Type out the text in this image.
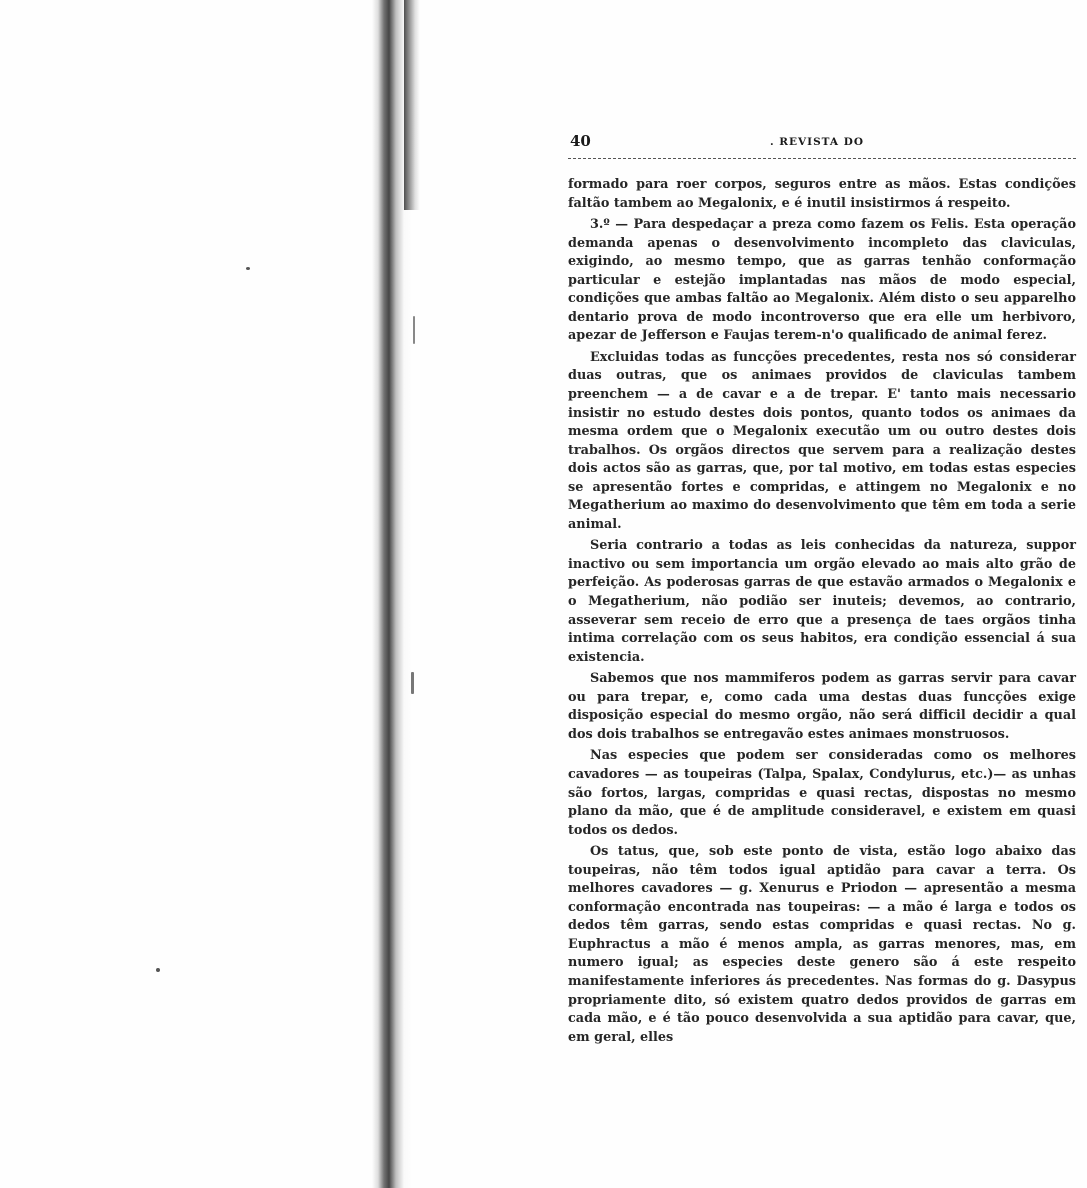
40	. REVISTA DO

formado para roer corpos, seguros entre as mãos. Estas condições faltão tambem ao Megalonix, e é inutil insistirmos á respeito.

3.º — Para despedaçar a preza como fazem os Felis. Esta operação demanda apenas o desenvolvimento incompleto das claviculas, exigindo, ao mesmo tempo, que as garras tenhão conformação particular e estejão implantadas nas mãos de modo especial, condições que ambas faltão ao Megalonix. Além disto o seu apparelho dentario prova de modo incontroverso que era elle um herbivoro, apezar de Jefferson e Faujas terem-n'o qualificado de animal ferez.

Excluidas todas as funcções precedentes, resta nos só considerar duas outras, que os animaes providos de claviculas tambem preenchem — a de cavar e a de trepar. E' tanto mais necessario insistir no estudo destes dois pontos, quanto todos os animaes da mesma ordem que o Megalonix executão um ou outro destes dois trabalhos. Os orgãos directos que servem para a realização destes dois actos são as garras, que, por tal motivo, em todas estas especies se apresentão fortes e compridas, e attingem no Megalonix e no Megatherium ao maximo do desenvolvimento que têm em toda a serie animal.

Seria contrario a todas as leis conhecidas da natureza, suppor inactivo ou sem importancia um orgão elevado ao mais alto grão de perfeição. As poderosas garras de que estavão armados o Megalonix e o Megatherium, não podião ser inuteis; devemos, ao contrario, asseverar sem receio de erro que a presença de taes orgãos tinha intima correlação com os seus habitos, era condição essencial á sua existencia.

Sabemos que nos mammiferos podem as garras servir para cavar ou para trepar, e, como cada uma destas duas funcções exige disposição especial do mesmo orgão, não será difficil decidir a qual dos dois trabalhos se entregavão estes animaes monstruosos.

Nas especies que podem ser consideradas como os melhores cavadores — as toupeiras (Talpa, Spalax, Condylurus, etc.)— as unhas são fortos, largas, compridas e quasi rectas, dispostas no mesmo plano da mão, que é de amplitude consideravel, e existem em quasi todos os dedos.

Os tatus, que, sob este ponto de vista, estão logo abaixo das toupeiras, não têm todos igual aptidão para cavar a terra. Os melhores cavadores — g. Xenurus e Priodon — apresentão a mesma conformação encontrada nas toupeiras: — a mão é larga e todos os dedos têm garras, sendo estas compridas e quasi rectas. No g. Euphractus a mão é menos ampla, as garras menores, mas, em numero igual; as especies deste genero são á este respeito manifestamente inferiores ás precedentes. Nas formas do g. Dasypus propriamente dito, só existem quatro dedos providos de garras em cada mão, e é tão pouco desenvolvida a sua aptidão para cavar, que, em geral, elles
